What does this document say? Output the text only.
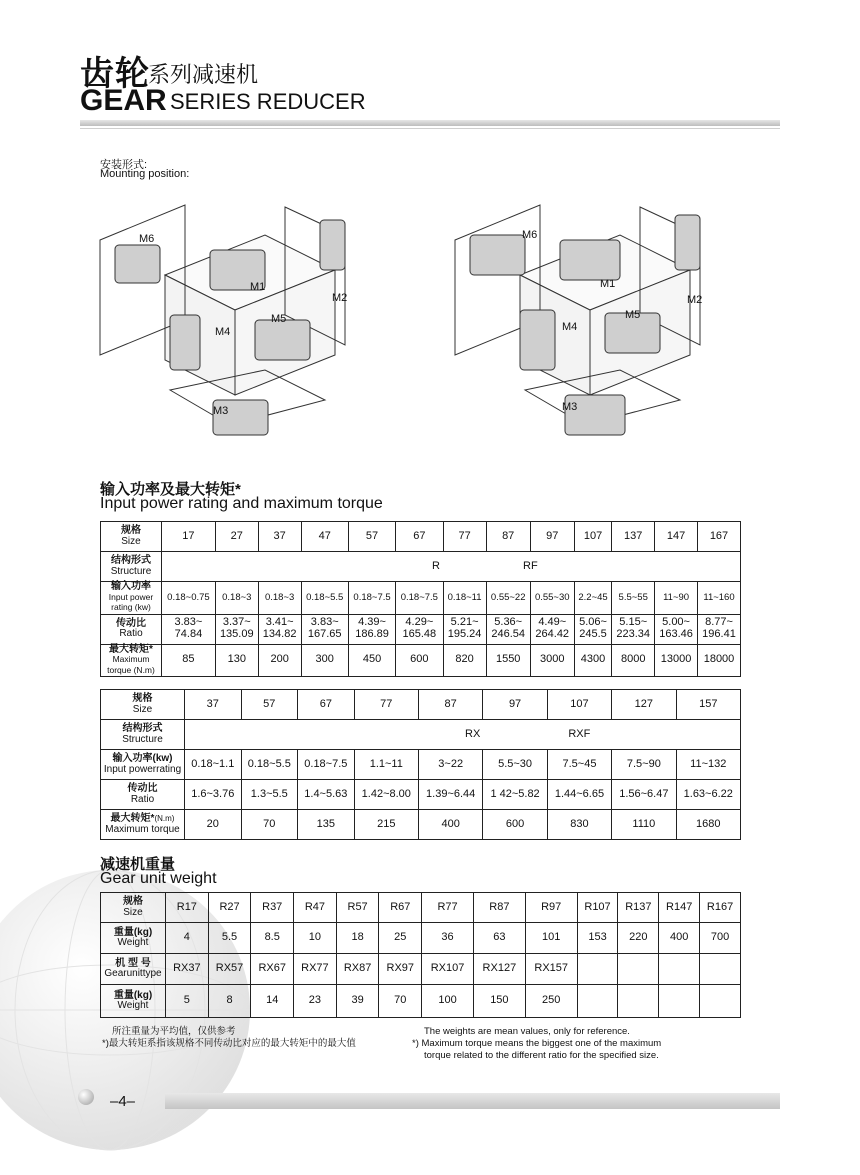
齿轮
系列减速机
GEAR SERIES REDUCER
安装形式:
Mounting position:
M6
M1
M2
M4
M5
M3
M6
M1
M2
M4
M5
M3
输入功率及最大转矩*
Input power rating and maximum torque
规格
Size	17	27	37	47	57	67	77	87	97	107	137	147	167
结构形式
Structure	R RF												
输入功率
Input power rating (kw)	0.18~0.75	0.18~3	0.18~3	0.18~5.5	0.18~7.5	0.18~7.5	0.18~11	0.55~22	0.55~30	2.2~45	5.5~55	11~90	11~160
传动比
Ratio	3.83~
74.84	3.37~
135.09	3.41~
134.82	3.83~
167.65	4.39~
186.89	4.29~
165.48	5.21~
195.24	5.36~
246.54	4.49~
264.42	5.06~
245.5	5.15~
223.34	5.00~
163.46	8.77~
196.41
最大转矩*
Maximum torque (N.m)	85	130	200	300	450	600	820	1550	3000	4300	8000	13000	18000
规格
Size	37	57	67	77	87	97	107	127	157
结构形式
Structure	RX RXF								
输入功率(kw)
Input powerrating	0.18~1.1	0.18~5.5	0.18~7.5	1.1~11	3~22	5.5~30	7.5~45	7.5~90	11~132
传动比
Ratio	1.6~3.76	1.3~5.5	1.4~5.63	1.42~8.00	1.39~6.44	1 42~5.82	1.44~6.65	1.56~6.47	1.63~6.22
最大转矩*(N.m)
Maximum torque	20	70	135	215	400	600	830	1110	1680
减速机重量
Gear unit weight
规格
Size	R17	R27	R37	R47	R57	R67	R77	R87	R97	R107	R137	R147	R167
重量(kg)
Weight	4	5.5	8.5	10	18	25	36	63	101	153	220	400	700
机 型 号
Gearunittype	RX37	RX57	RX67	RX77	RX87	RX97	RX107	RX127	RX157				
重量(kg)
Weight	5	8	14	23	39	70	100	150	250				
所注重量为平均值，仅供参考
*)最大转矩系指该规格不同传动比对应的最大转矩中的最大值
The weights are mean values, only for reference.
*) Maximum torque means the biggest one of the maximum
torque related to the different ratio for the specified size.
–4–
